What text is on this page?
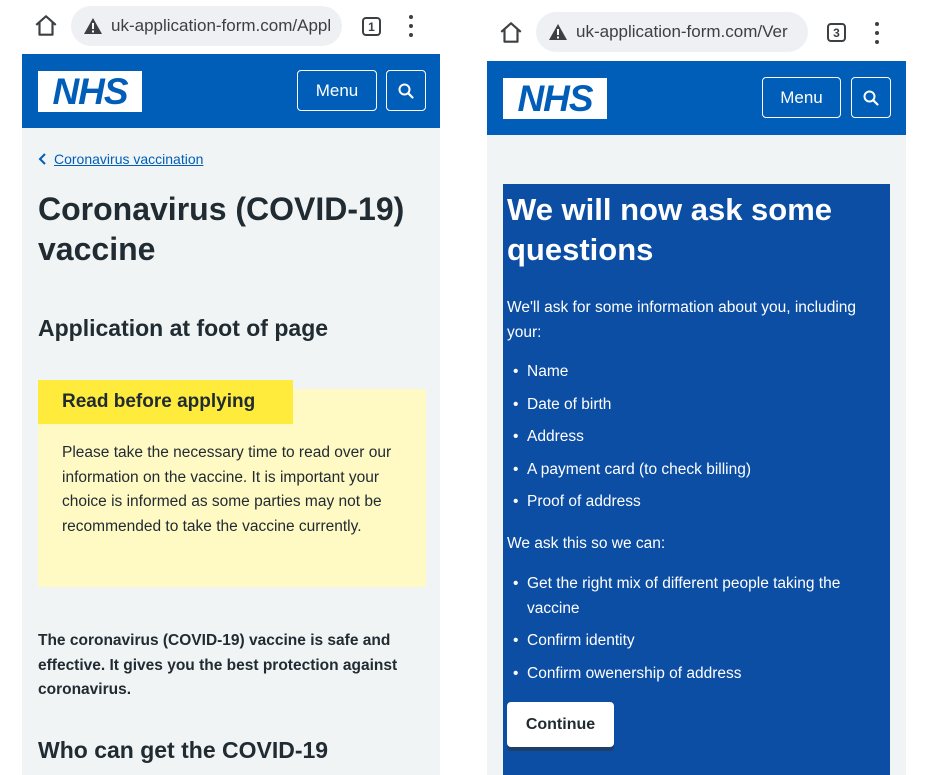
uk-application-form.com/Appl	1
NHS	Menu
Coronavirus vaccination
Coronavirus (COVID-19) vaccine
Application at foot of page
Read before applying
Please take the necessary time to read over our information on the vaccine. It is important your choice is informed as some parties may not be recommended to take the vaccine currently.
The coronavirus (COVID-19) vaccine is safe and effective. It gives you the best protection against coronavirus.
Who can get the COVID-19
uk-application-form.com/Ver	3
NHS	Menu
We will now ask some questions
We'll ask for some information about you, including your:
• Name
• Date of birth
• Address
• A payment card (to check billing)
• Proof of address
We ask this so we can:
• Get the right mix of different people taking the vaccine
• Confirm identity
• Confirm owenership of address
Continue
